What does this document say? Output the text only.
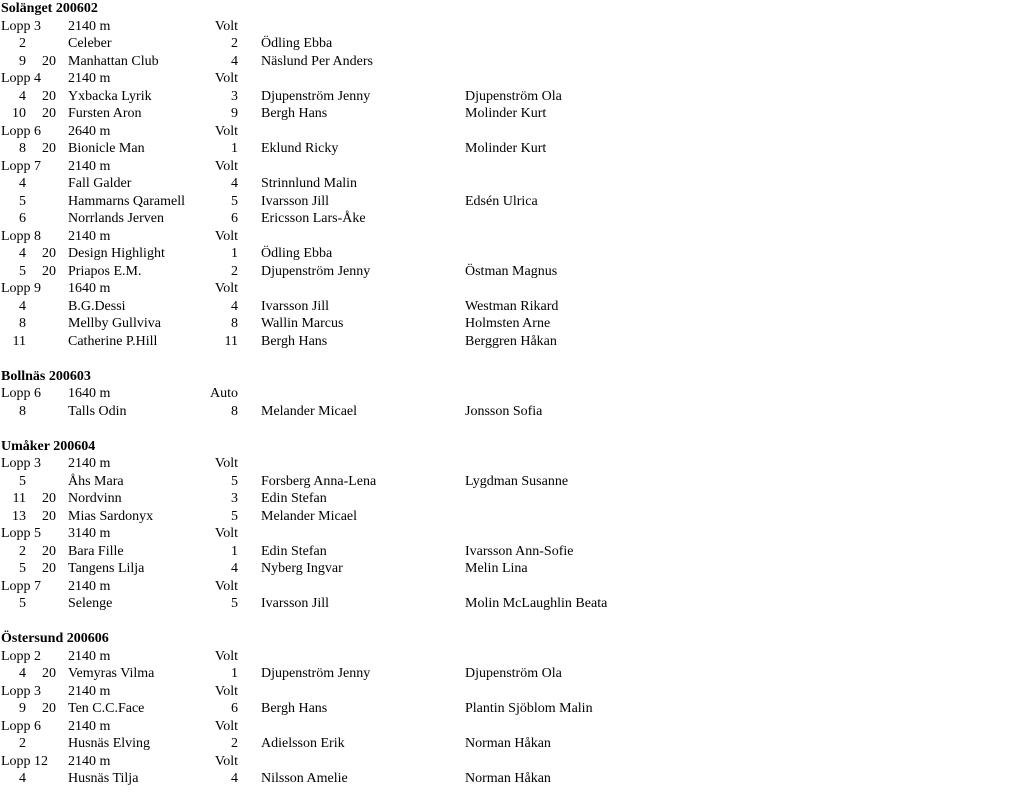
Solänget 200602
Lopp 3 2140 m	Volt
2	Celeber	2 Ödling Ebba
9 20 Manhattan Club	4 Näslund Per Anders
Lopp 4 2140 m	Volt
4 20 Yxbacka Lyrik	3 Djupenström Jenny	Djupenström Ola
10 20 Fursten Aron	9 Bergh Hans	Molinder Kurt
Lopp 6 2640 m	Volt
8 20 Bionicle Man	1 Eklund Ricky	Molinder Kurt
Lopp 7 2140 m	Volt
4	Fall Galder	4 Strinnlund Malin
5	Hammarns Qaramell	5 Ivarsson Jill	Edsén Ulrica
6	Norrlands Jerven	6 Ericsson Lars-Åke
Lopp 8 2140 m	Volt
4 20 Design Highlight	1 Ödling Ebba
5 20 Priapos E.M.	2 Djupenström Jenny	Östman Magnus
Lopp 9 1640 m	Volt
4	B.G.Dessi	4 Ivarsson Jill	Westman Rikard
8	Mellby Gullviva	8 Wallin Marcus	Holmsten Arne
11	Catherine P.Hill	11 Bergh Hans	Berggren Håkan
Bollnäs 200603
Lopp 6 1640 m	Auto
8	Talls Odin	8 Melander Micael	Jonsson Sofia
Umåker 200604
Lopp 3 2140 m	Volt
5	Åhs Mara	5 Forsberg Anna-Lena	Lygdman Susanne
11 20 Nordvinn	3 Edin Stefan
13 20 Mias Sardonyx	5 Melander Micael
Lopp 5 3140 m	Volt
2 20 Bara Fille	1 Edin Stefan	Ivarsson Ann-Sofie
5 20 Tangens Lilja	4 Nyberg Ingvar	Melin Lina
Lopp 7 2140 m	Volt
5	Selenge	5 Ivarsson Jill	Molin McLaughlin Beata
Östersund 200606
Lopp 2 2140 m	Volt
4 20 Vemyras Vilma	1 Djupenström Jenny	Djupenström Ola
Lopp 3 2140 m	Volt
9 20 Ten C.C.Face	6 Bergh Hans	Plantin Sjöblom Malin
Lopp 6 2140 m	Volt
2	Husnäs Elving	2 Adielsson Erik	Norman Håkan
Lopp 12 2140 m	Volt
4	Husnäs Tilja	4 Nilsson Amelie	Norman Håkan
